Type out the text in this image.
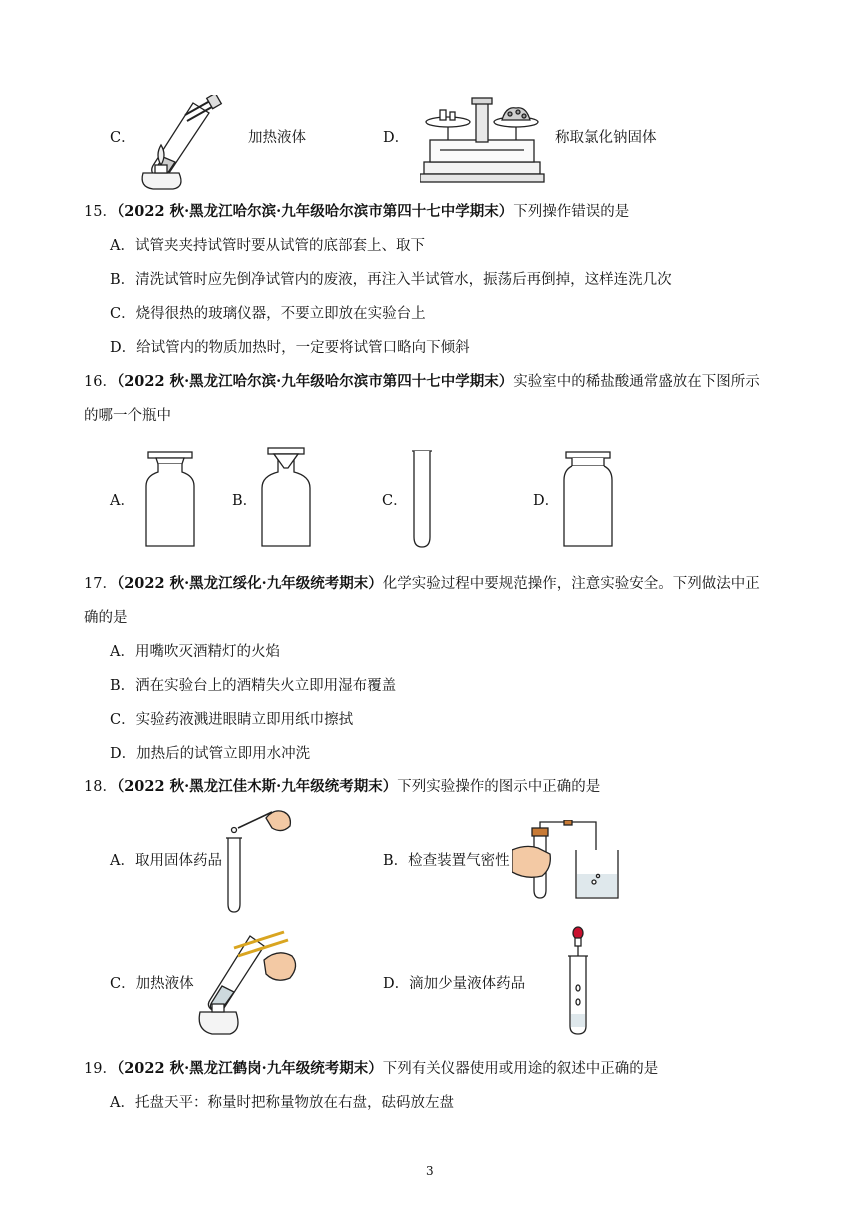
C．	加热液体	D．	称取氯化钠固体
15．（2022 秋·黑龙江哈尔滨·九年级哈尔滨市第四十七中学期末）下列操作错误的是
A．试管夹夹持试管时要从试管的底部套上、取下
B．清洗试管时应先倒净试管内的废液，再注入半试管水，振荡后再倒掉，这样连洗几次
C．烧得很热的玻璃仪器，不要立即放在实验台上
D．给试管内的物质加热时，一定要将试管口略向下倾斜
16．（2022 秋·黑龙江哈尔滨·九年级哈尔滨市第四十七中学期末）实验室中的稀盐酸通常盛放在下图所示
的哪一个瓶中
A．	B．	C．	D．
17．（2022 秋·黑龙江绥化·九年级统考期末）化学实验过程中要规范操作，注意实验安全。下列做法中正
确的是
A．用嘴吹灭酒精灯的火焰
B．洒在实验台上的酒精失火立即用湿布覆盖
C．实验药液溅进眼睛立即用纸巾擦拭
D．加热后的试管立即用水冲洗
18．（2022 秋·黑龙江佳木斯·九年级统考期末）下列实验操作的图示中正确的是
A．取用固体药品	B．检查装置气密性
C．加热液体	D．滴加少量液体药品
19．（2022 秋·黑龙江鹤岗·九年级统考期末）下列有关仪器使用或用途的叙述中正确的是
A．托盘天平：称量时把称量物放在右盘，砝码放左盘
3
